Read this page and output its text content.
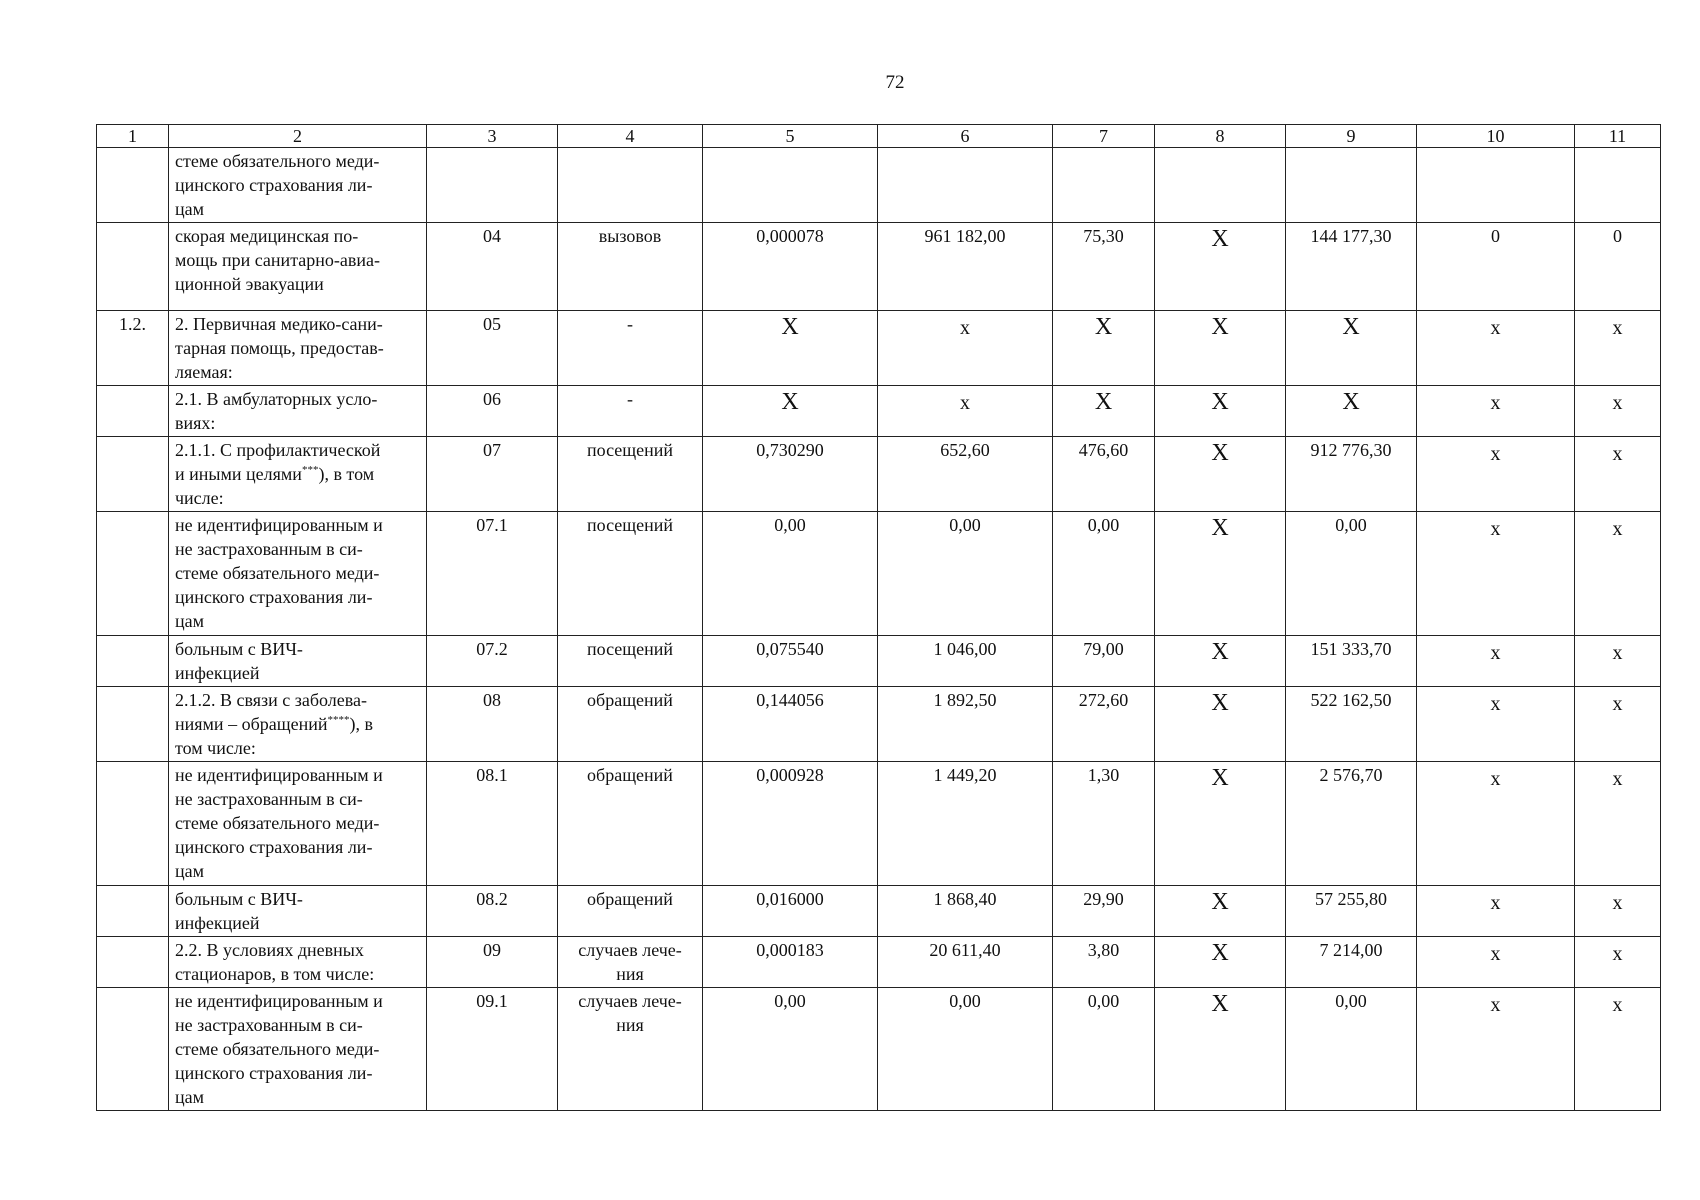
72
1	2	3	4	5	6	7	8	9	10	11

	стеме обязательного меди-
цинского страхования ли-
цам									

	скорая медицинская по-
мощь при санитарно-авиа-
ционной эвакуации	04	вызовов	0,000078	961 182,00	75,30	X	144 177,30	0	0
1.2.	2. Первичная медико-сани-
тарная помощь, предостав-
ляемая:	05	-	X	x	X	X	X	x	x

	2.1. В амбулаторных усло-
виях:	06	-	X	x	X	X	X	x	x

	2.1.1. С профилактической
и иными целями***), в том
числе:	07	посещений	0,730290	652,60	476,60	X	912 776,30	x	x

	не идентифицированным и
не застрахованным в си-
стеме обязательного меди-
цинского страхования ли-
цам	07.1	посещений	0,00	0,00	0,00	X	0,00	x	x

	больным с ВИЧ-
инфекцией	07.2	посещений	0,075540	1 046,00	79,00	X	151 333,70	x	x

	2.1.2. В связи с заболева-
ниями – обращений****), в
том числе:	08	обращений	0,144056	1 892,50	272,60	X	522 162,50	x	x

	не идентифицированным и
не застрахованным в си-
стеме обязательного меди-
цинского страхования ли-
цам	08.1	обращений	0,000928	1 449,20	1,30	X	2 576,70	x	x

	больным с ВИЧ-
инфекцией	08.2	обращений	0,016000	1 868,40	29,90	X	57 255,80	x	x

	2.2. В условиях дневных
стационаров, в том числе:	09	случаев лече-
ния	0,000183	20 611,40	3,80	X	7 214,00	x	x

	не идентифицированным и
не застрахованным в си-
стеме обязательного меди-
цинского страхования ли-
цам	09.1	случаев лече-
ния	0,00	0,00	0,00	X	0,00	x	x
